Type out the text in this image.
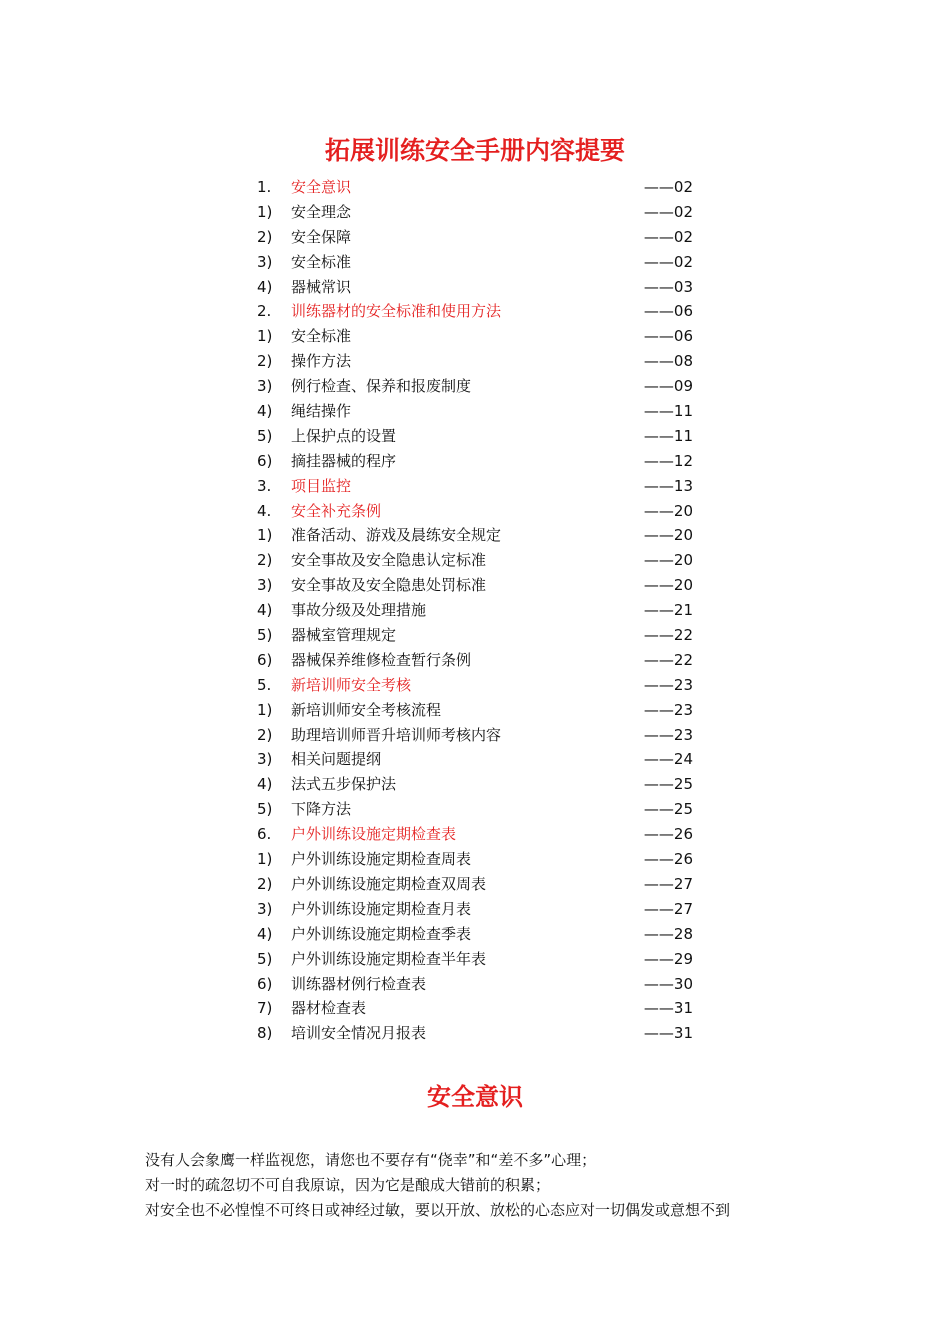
拓展训练安全手册内容提要
1. 安全意识	——02
1) 安全理念	——02
2) 安全保障	——02
3) 安全标准	——02
4) 器械常识	——03
2. 训练器材的安全标准和使用方法	——06
1) 安全标准	——06
2) 操作方法	——08
3) 例行检查、保养和报废制度	——09
4) 绳结操作	——11
5) 上保护点的设置	——11
6) 摘挂器械的程序	——12
3. 项目监控	——13
4. 安全补充条例	——20
1) 准备活动、游戏及晨练安全规定	——20
2) 安全事故及安全隐患认定标准	——20
3) 安全事故及安全隐患处罚标准	——20
4) 事故分级及处理措施	——21
5) 器械室管理规定	——22
6) 器械保养维修检查暂行条例	——22
5. 新培训师安全考核	——23
1) 新培训师安全考核流程	——23
2) 助理培训师晋升培训师考核内容	——23
3) 相关问题提纲	——24
4) 法式五步保护法	——25
5) 下降方法	——25
6. 户外训练设施定期检查表	——26
1) 户外训练设施定期检查周表	——26
2) 户外训练设施定期检查双周表	——27
3) 户外训练设施定期检查月表	——27
4) 户外训练设施定期检查季表	——28
5) 户外训练设施定期检查半年表	——29
6) 训练器材例行检查表	——30
7) 器材检查表	——31
8) 培训安全情况月报表	——31
安全意识
没有人会象鹰一样监视您，请您也不要存有“侥幸”和“差不多”心理；
对一时的疏忽切不可自我原谅，因为它是酿成大错前的积累；
对安全也不必惶惶不可终日或神经过敏，要以开放、放松的心态应对一切偶发或意想不到
